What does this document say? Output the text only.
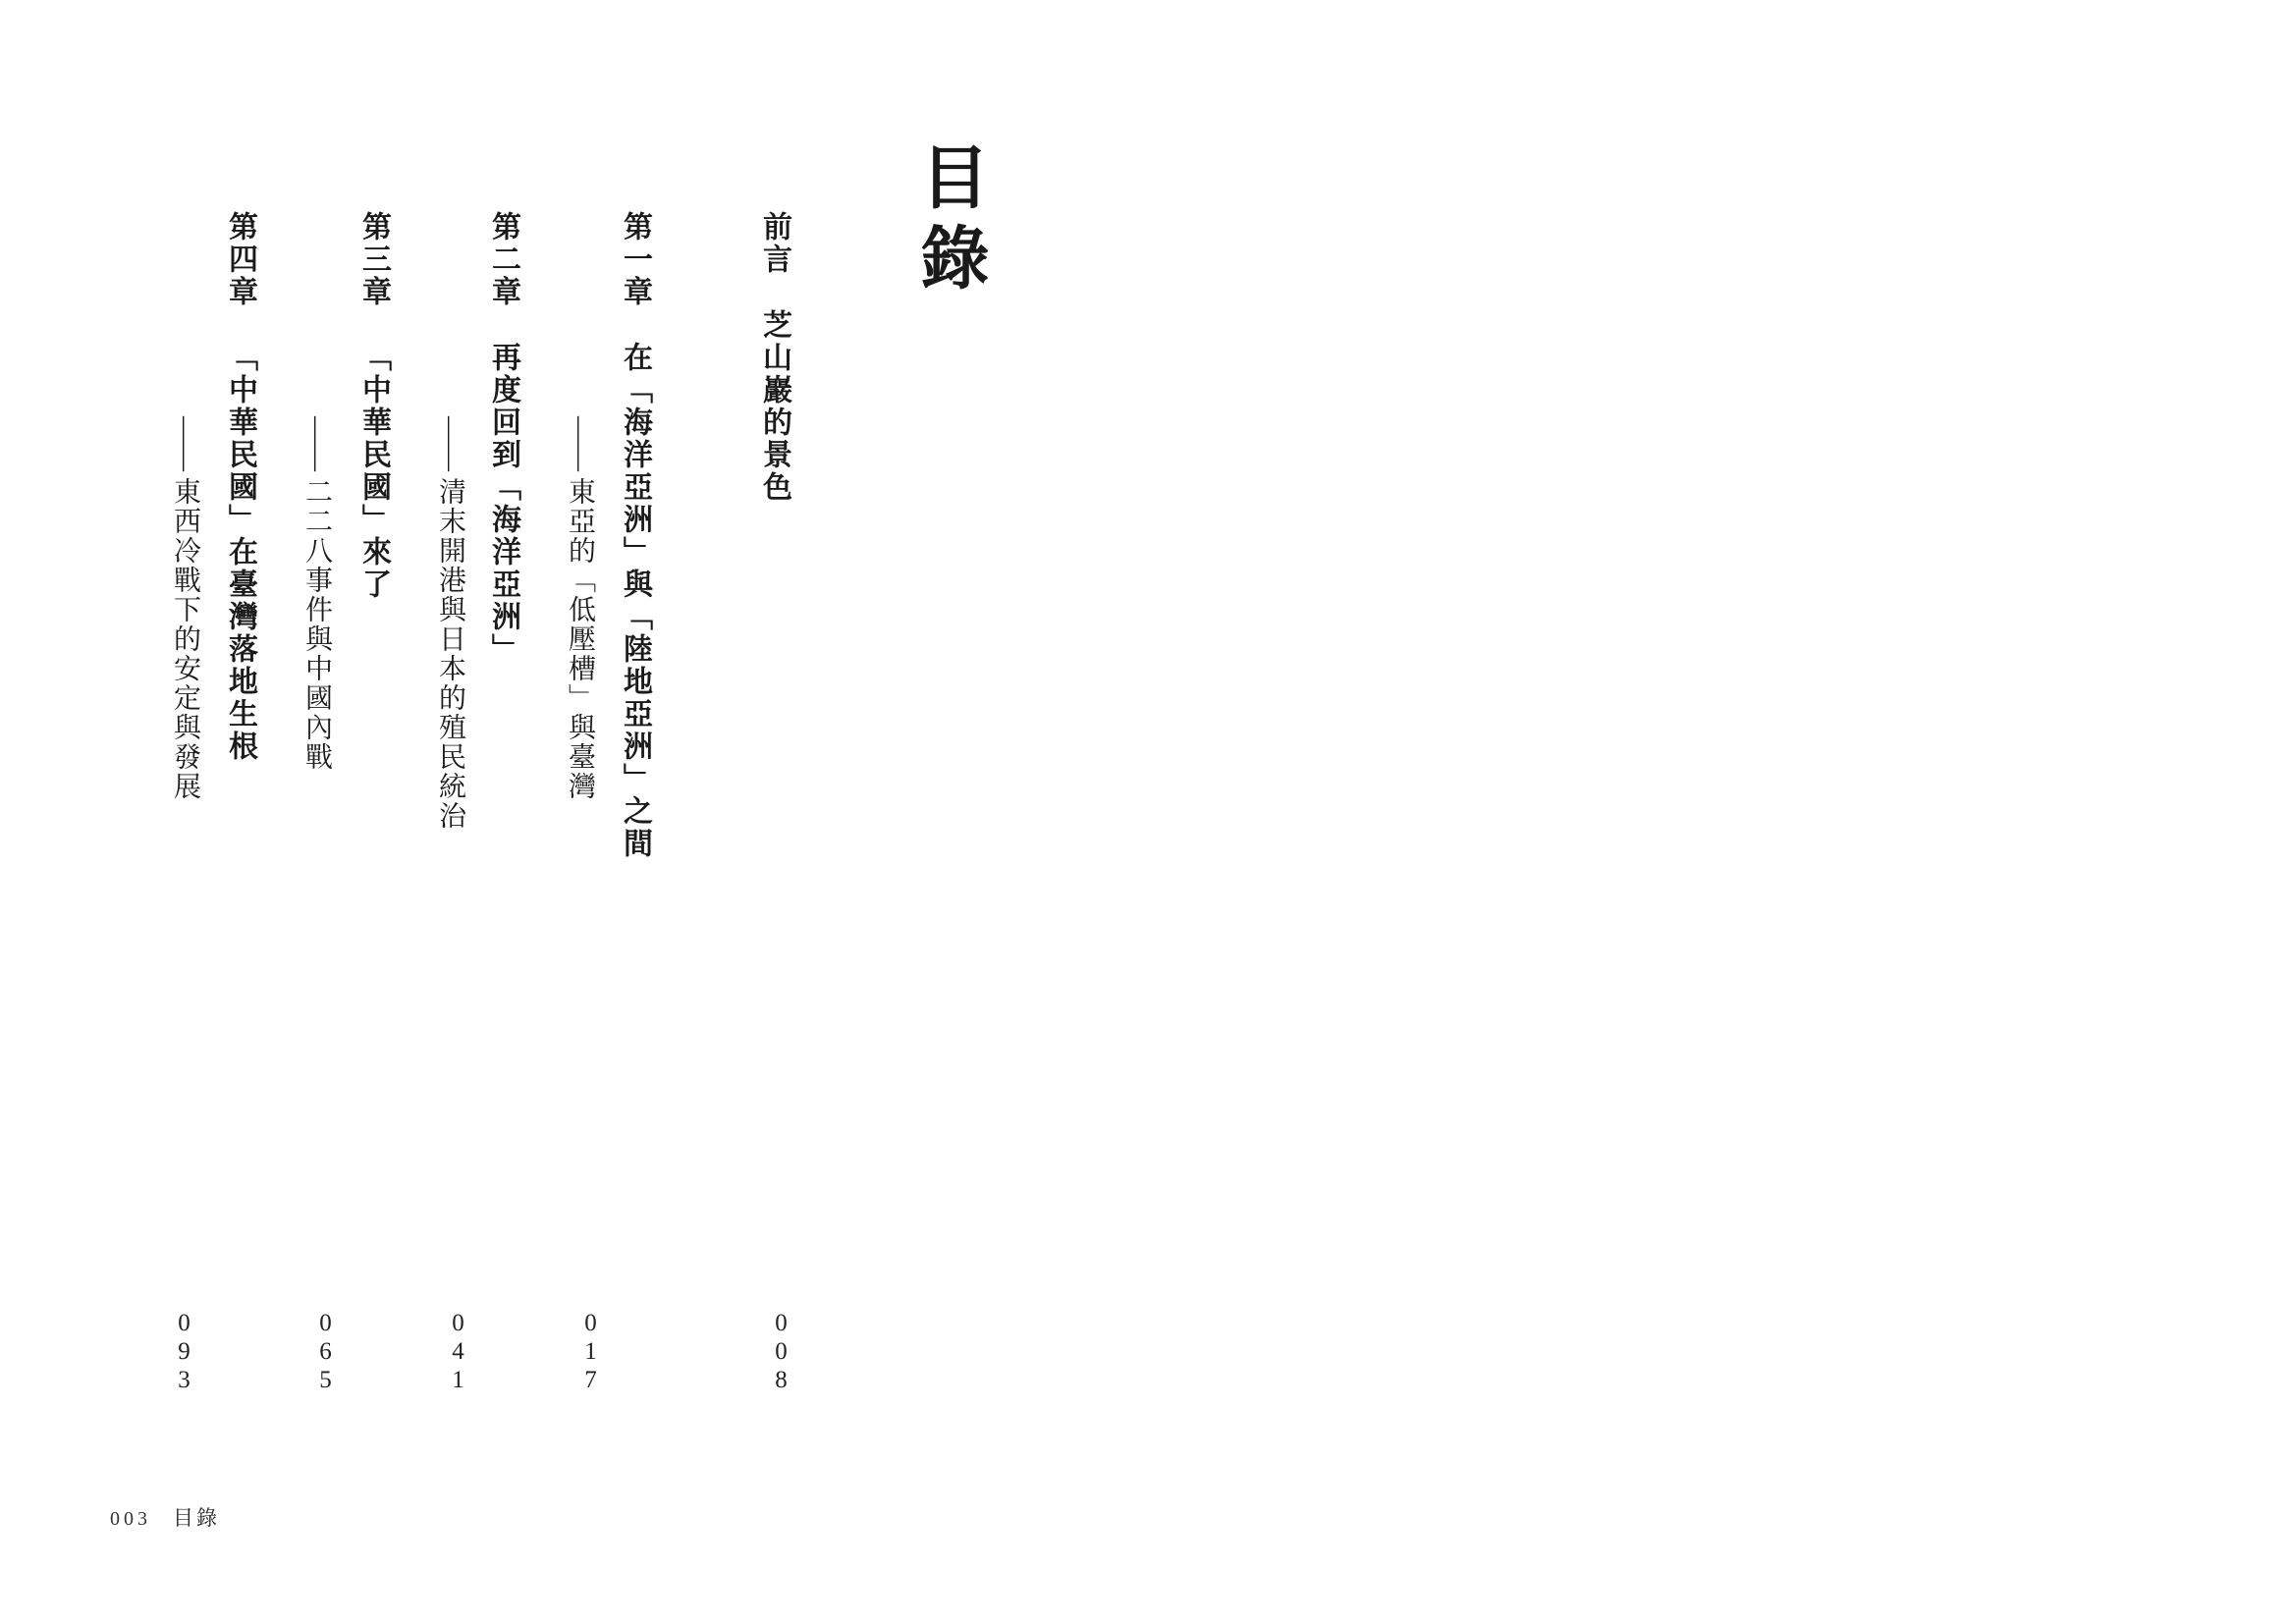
目錄
前言芝山巖的景色
008
第一章在「海洋亞洲」與「陸地亞洲」之間
——東亞的「低壓槽」與臺灣
017
第二章再度回到「海洋亞洲」
——清末開港與日本的殖民統治
041
第三章「中華民國」來了
——二二八事件與中國內戰
065
第四章「中華民國」在臺灣落地生根
——東西冷戰下的安定與發展
093
003 目錄
